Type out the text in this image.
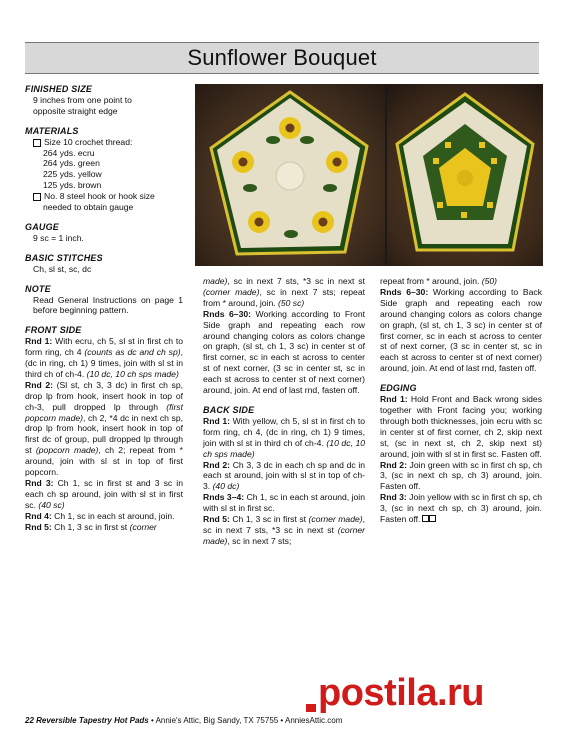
Sunflower Bouquet
FINISHED SIZE
9 inches from one point to
opposite straight edge
MATERIALS
Size 10 crochet thread:
264 yds. ecru
264 yds. green
225 yds. yellow
125 yds. brown
No. 8 steel hook or hook size
needed to obtain gauge
GAUGE
9 sc = 1 inch.
BASIC STITCHES
Ch, sl st, sc, dc
NOTE
Read General Instructions on page 1 before beginning pattern.
FRONT SIDE
Rnd 1: With ecru, ch 5, sl st in first ch to form ring, ch 4 (counts as dc and ch sp), (dc in ring, ch 1) 9 times, join with sl st in third ch of ch-4. (10 dc, 10 ch sps made)
Rnd 2: (Sl st, ch 3, 3 dc) in first ch sp, drop lp from hook, insert hook in top of ch-3, pull dropped lp through (first popcorn made), ch 2, *4 dc in next ch sp, drop lp from hook, insert hook in top of first dc of group, pull dropped lp through st (popcorn made), ch 2; repeat from * around, join with sl st in top of first popcorn.
Rnd 3: Ch 1, sc in first st and 3 sc in each ch sp around, join with sl st in first sc. (40 sc)
Rnd 4: Ch 1, sc in each st around, join.
Rnd 5: Ch 1, 3 sc in first st (corner
made), sc in next 7 sts, *3 sc in next st (corner made), sc in next 7 sts; repeat from * around, join. (50 sc)
Rnds 6–30: Working according to Front Side graph and repeating each row around changing colors as colors change on graph, (sl st, ch 1, 3 sc) in center st of first corner, sc in each st across to center st of next corner, (3 sc in center st, sc in each st across to center st of next corner) around, join. At end of last rnd, fasten off.
BACK SIDE
Rnd 1: With yellow, ch 5, sl st in first ch to form ring, ch 4, (dc in ring, ch 1) 9 times, join with sl st in third ch of ch-4. (10 dc, 10 ch sps made)
Rnd 2: Ch 3, 3 dc in each ch sp and dc in each st around, join with sl st in top of ch-3. (40 dc)
Rnds 3–4: Ch 1, sc in each st around, join with sl st in first sc.
Rnd 5: Ch 1, 3 sc in first st (corner made), sc in next 7 sts, *3 sc in next st (corner made), sc in next 7 sts;
repeat from * around, join. (50)
Rnds 6–30: Working according to Back Side graph and repeating each row around changing colors as colors change on graph, (sl st, ch 1, 3 sc) in center st of first corner, sc in each st across to center st of next corner, (3 sc in center st, sc in each st across to center st of next corner) around, join. At end of last rnd, fasten off.
EDGING
Rnd 1: Hold Front and Back wrong sides together with Front facing you; working through both thicknesses, join ecru with sc in center st of first corner, ch 2, skip next st, (sc in next st, ch 2, skip next st) around, join with sl st in first sc. Fasten off.
Rnd 2: Join green with sc in first ch sp, ch 3, (sc in next ch sp, ch 3) around, join. Fasten off.
Rnd 3: Join yellow with sc in first ch sp, ch 3, (sc in next ch sp, ch 3) around, join. Fasten off.
postila.ru
22 Reversible Tapestry Hot Pads • Annie's Attic, Big Sandy, TX 75755 • AnniesAttic.com
